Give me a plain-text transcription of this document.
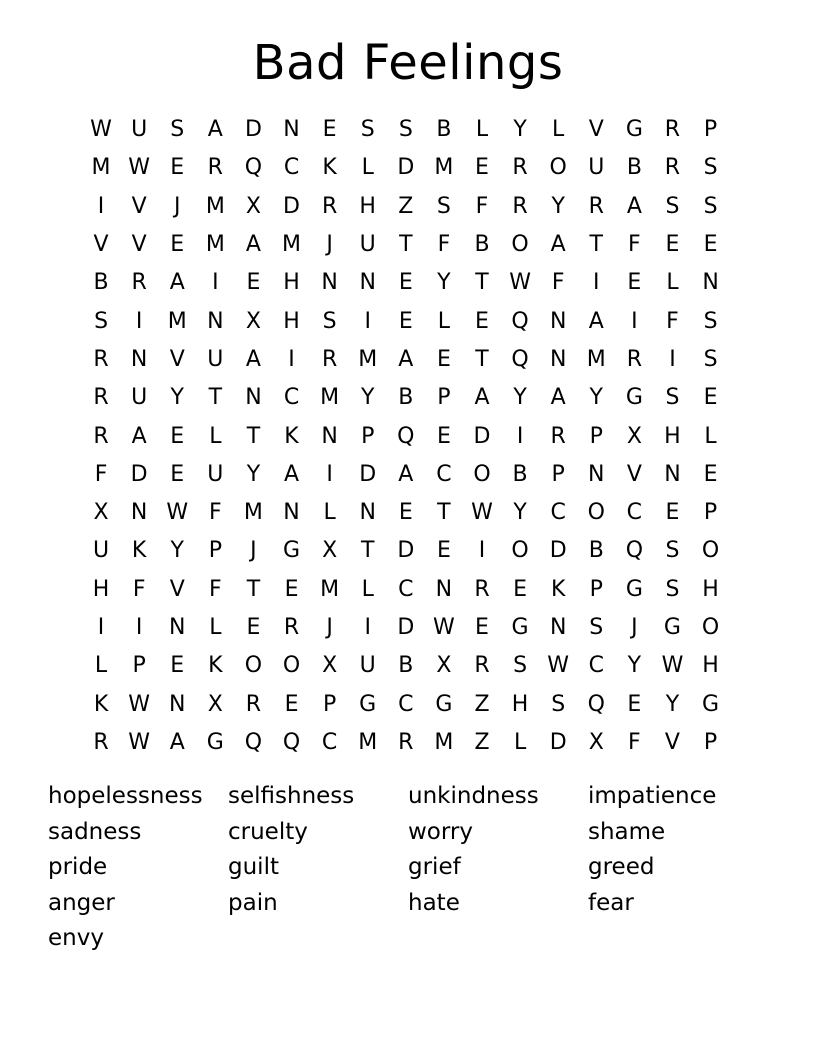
Bad Feelings
W U	S	A	D N	E	S	S	B	L	Y	L	V	G R	P
M W E	R Q C	K	L	D M E	R O U	B	R	S
I	V	J	M X	D R	H	Z	S	F	R	Y	R	A	S	S
V	V	E M A M	J	U	T	F	B O A	T	F	E	E
B	R	A	I	E	H N N	E	Y	T W F	I	E	L	N
S	I	M N	X	H	S	I	E	L	E	Q N	A	I	F	S
R	N	V	U	A	I	R M A	E	T	Q N M R	I	S
R	U	Y	T	N	C M Y	B	P	A	Y	A	Y	G	S	E
R	A	E	L	T	K	N	P	Q	E	D	I	R	P	X	H	L
F	D	E	U	Y	A	I	D	A	C O B	P	N	V	N	E
X	N W F	M N	L	N	E	T W Y	C O C	E	P
U	K	Y	P	J	G	X	T	D	E	I	O D	B Q	S	O
H	F	V	F	T	E M	L	C	N	R	E	K	P	G	S	H
I	I	N	L	E	R	J	I	D W E	G N	S	J	G O
L	P	E	K	O O X	U	B	X	R	S W C	Y W H
K W N	X	R	E	P	G C G	Z	H	S	Q	E	Y	G
R W A	G Q Q C M R M Z	L	D	X	F	V	P
hopelessness	selfishness	unkindness	impatience
sadness	cruelty	worry	shame
pride	guilt	grief	greed
anger	pain	hate	fear
envy
